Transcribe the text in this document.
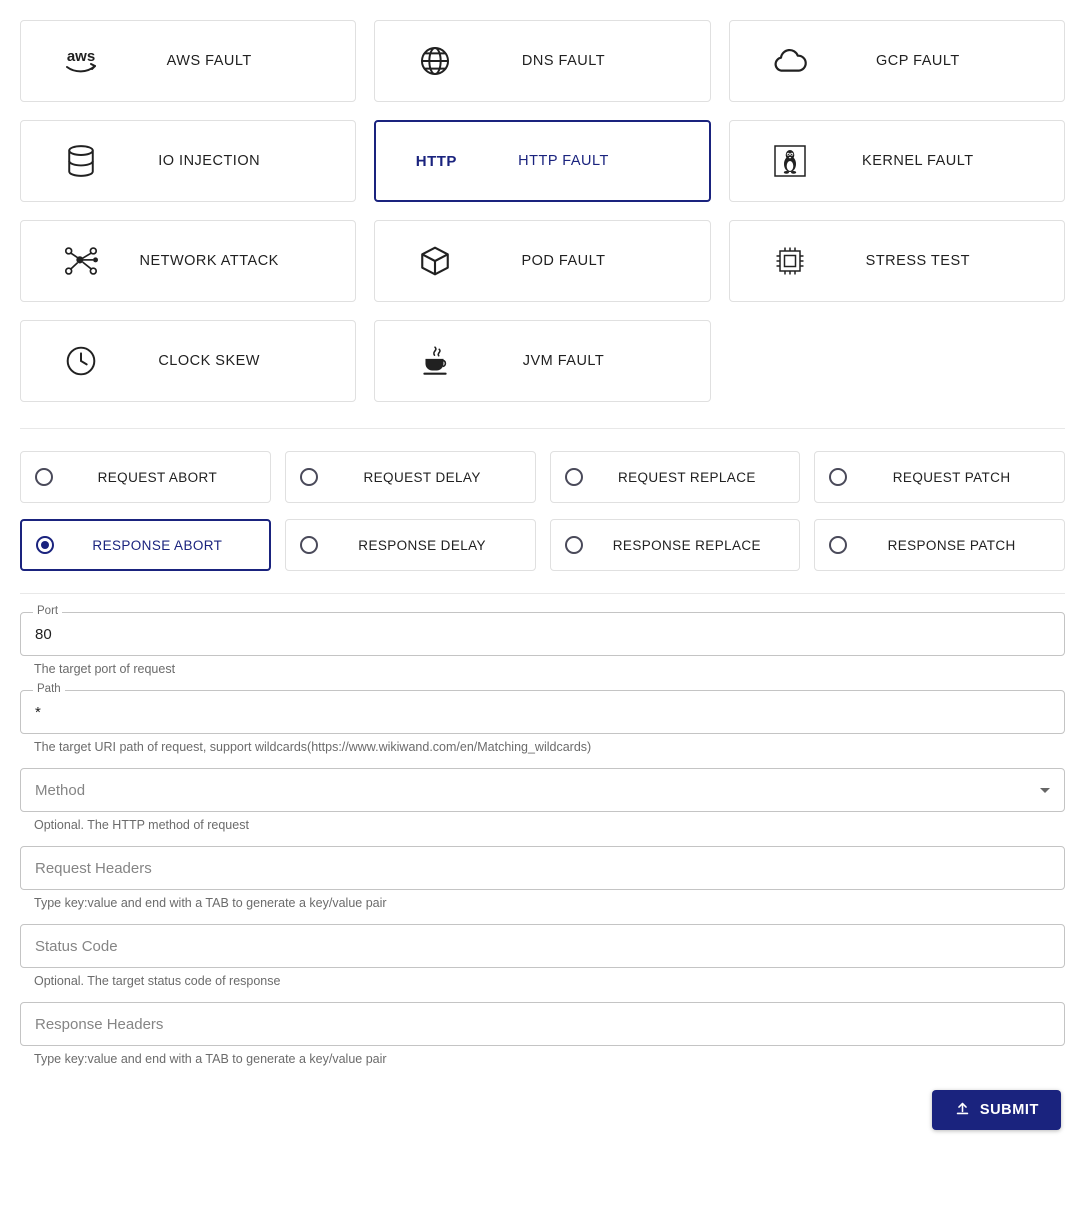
aws	AWS FAULT	DNS FAULT	GCP FAULT
IO INJECTION	HTTP	HTTP FAULT	KERNEL FAULT
NETWORK ATTACK	POD FAULT	STRESS TEST
CLOCK SKEW	JVM FAULT
REQUEST ABORT	REQUEST DELAY	REQUEST REPLACE	REQUEST PATCH
RESPONSE ABORT	RESPONSE DELAY	RESPONSE REPLACE	RESPONSE PATCH
Port
80
The target port of request
Path
*
The target URI path of request, support wildcards(https://www.wikiwand.com/en/Matching_wildcards)
Method
Optional. The HTTP method of request
Request Headers
Type key:value and end with a TAB to generate a key/value pair
Status Code
Optional. The target status code of response
Response Headers
Type key:value and end with a TAB to generate a key/value pair
SUBMIT
